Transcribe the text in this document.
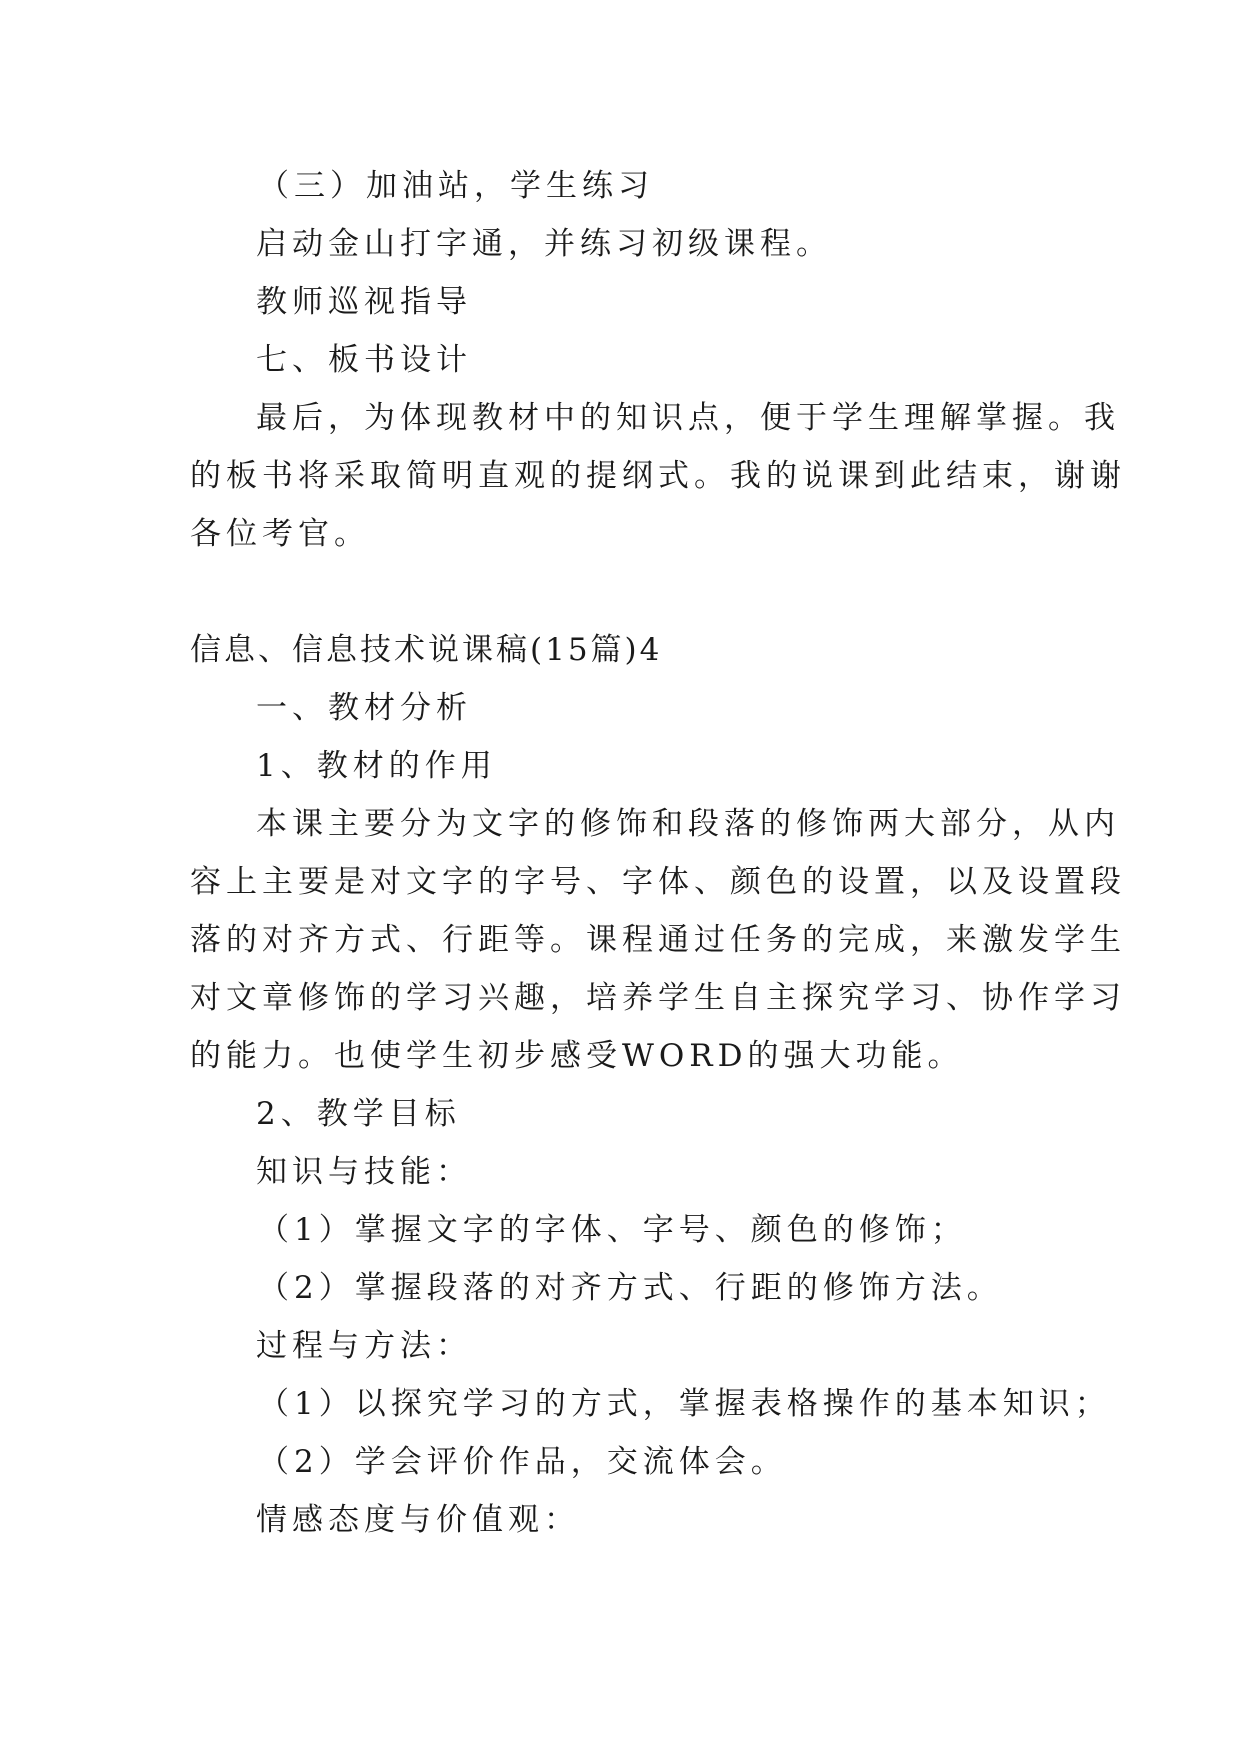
（三）加油站，学生练习
启动金山打字通，并练习初级课程。
教师巡视指导
七、板书设计
最后，为体现教材中的知识点，便于学生理解掌握。我
的板书将采取简明直观的提纲式。我的说课到此结束，谢谢
各位考官。
信息、信息技术说课稿(15篇)4
一、教材分析
1、教材的作用
本课主要分为文字的修饰和段落的修饰两大部分，从内
容上主要是对文字的字号、字体、颜色的设置，以及设置段
落的对齐方式、行距等。课程通过任务的完成，来激发学生
对文章修饰的学习兴趣，培养学生自主探究学习、协作学习
的能力。也使学生初步感受WORD的强大功能。
2、教学目标
知识与技能：
（1）掌握文字的字体、字号、颜色的修饰；
（2）掌握段落的对齐方式、行距的修饰方法。
过程与方法：
（1）以探究学习的方式，掌握表格操作的基本知识；
（2）学会评价作品，交流体会。
情感态度与价值观：
